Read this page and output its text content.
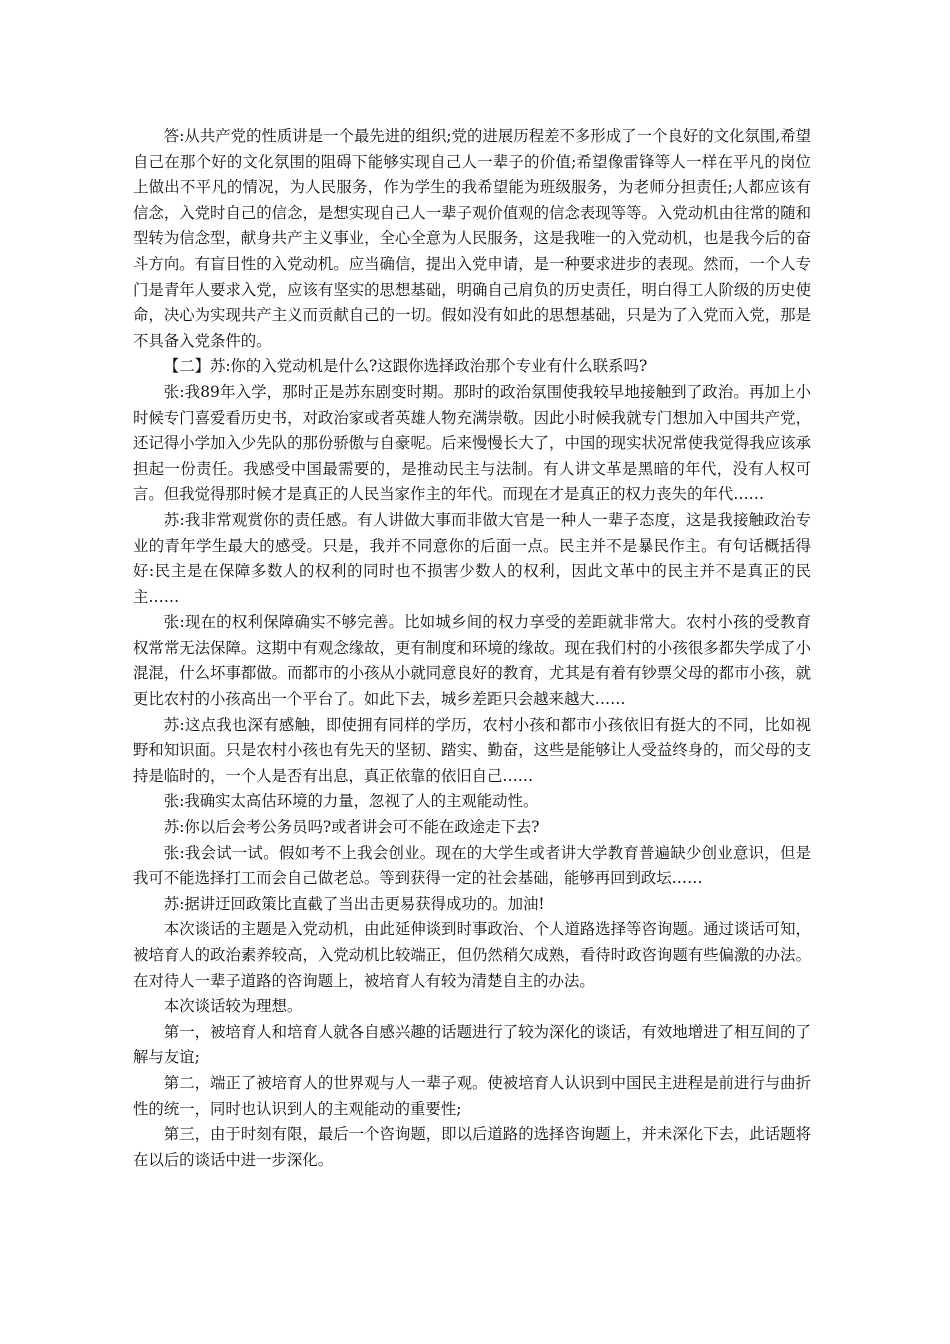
答:从共产党的性质讲是一个最先进的组织;党的进展历程差不多形成了一个良好的文化氛围,希望自己在那个好的文化氛围的阻碍下能够实现自己人一辈子的价值;希望像雷锋等人一样在平凡的岗位上做出不平凡的情况，为人民服务，作为学生的我希望能为班级服务，为老师分担责任;人都应该有信念，入党时自己的信念，是想实现自己人一辈子观价值观的信念表现等等。入党动机由往常的随和型转为信念型，献身共产主义事业，全心全意为人民服务，这是我唯一的入党动机，也是我今后的奋斗方向。有盲目性的入党动机。应当确信，提出入党申请，是一种要求进步的表现。然而，一个人专门是青年人要求入党，应该有坚实的思想基础，明确自己肩负的历史责任，明白得工人阶级的历史使命，决心为实现共产主义而贡献自己的一切。假如没有如此的思想基础，只是为了入党而入党，那是不具备入党条件的。

【二】苏:你的入党动机是什么?这跟你选择政治那个专业有什么联系吗?

张:我89年入学，那时正是苏东剧变时期。那时的政治氛围使我较早地接触到了政治。再加上小时候专门喜爱看历史书，对政治家或者英雄人物充满崇敬。因此小时候我就专门想加入中国共产党，还记得小学加入少先队的那份骄傲与自豪呢。后来慢慢长大了，中国的现实状况常使我觉得我应该承担起一份责任。我感受中国最需要的，是推动民主与法制。有人讲文革是黑暗的年代，没有人权可言。但我觉得那时候才是真正的人民当家作主的年代。而现在才是真正的权力丧失的年代……

苏:我非常观赏你的责任感。有人讲做大事而非做大官是一种人一辈子态度，这是我接触政治专业的青年学生最大的感受。只是，我并不同意你的后面一点。民主并不是暴民作主。有句话概括得好:民主是在保障多数人的权利的同时也不损害少数人的权利，因此文革中的民主并不是真正的民主……

张:现在的权利保障确实不够完善。比如城乡间的权力享受的差距就非常大。农村小孩的受教育权常常无法保障。这期中有观念缘故，更有制度和环境的缘故。现在我们村的小孩很多都失学成了小混混，什么坏事都做。而都市的小孩从小就同意良好的教育，尤其是有着有钞票父母的都市小孩，就更比农村的小孩高出一个平台了。如此下去，城乡差距只会越来越大……

苏:这点我也深有感触，即使拥有同样的学历，农村小孩和都市小孩依旧有挺大的不同，比如视野和知识面。只是农村小孩也有先天的坚韧、踏实、勤奋，这些是能够让人受益终身的，而父母的支持是临时的，一个人是否有出息，真正依靠的依旧自己……

张:我确实太高估环境的力量，忽视了人的主观能动性。

苏:你以后会考公务员吗?或者讲会可不能在政途走下去?

张:我会试一试。假如考不上我会创业。现在的大学生或者讲大学教育普遍缺少创业意识，但是我可不能选择打工而会自己做老总。等到获得一定的社会基础，能够再回到政坛……

苏:据讲迂回政策比直截了当出击更易获得成功的。加油!

本次谈话的主题是入党动机，由此延伸谈到时事政治、个人道路选择等咨询题。通过谈话可知，被培育人的政治素养较高，入党动机比较端正，但仍然稍欠成熟，看待时政咨询题有些偏激的办法。在对待人一辈子道路的咨询题上，被培育人有较为清楚自主的办法。

本次谈话较为理想。

第一，被培育人和培育人就各自感兴趣的话题进行了较为深化的谈话，有效地增进了相互间的了解与友谊;

第二，端正了被培育人的世界观与人一辈子观。使被培育人认识到中国民主进程是前进行与曲折性的统一，同时也认识到人的主观能动的重要性;

第三，由于时刻有限，最后一个咨询题，即以后道路的选择咨询题上，并未深化下去，此话题将在以后的谈话中进一步深化。
